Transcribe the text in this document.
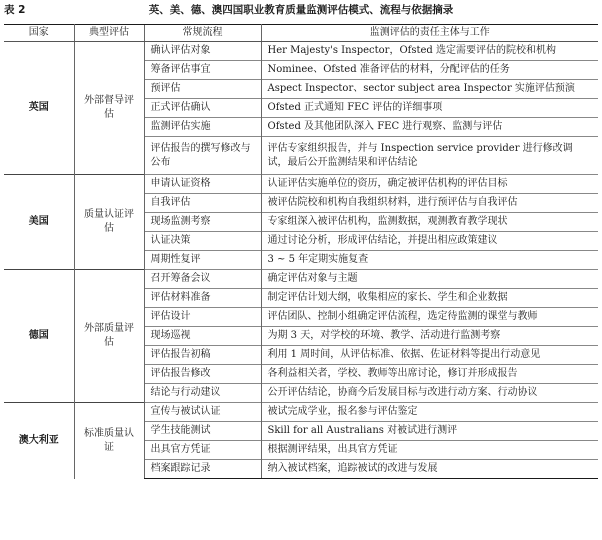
表 2	英、美、德、澳四国职业教育质量监测评估模式、流程与依据摘录
国家	典型评估	常规流程	监测评估的责任主体与工作
英国	外部督导评估	确认评估对象	Her Majesty's Inspector，Ofsted 选定需要评估的院校和机构
		筹备评估事宜	Nominee、Ofsted 准备评估的材料，分配评估的任务
		预评估	Aspect Inspector、sector subject area Inspector 实施评估预演
		正式评估确认	Ofsted 正式通知 FEC 评估的详细事项
		监测评估实施	Ofsted 及其他团队深入 FEC 进行观察、监测与评估
		评估报告的撰写修改与公布	评估专家组织报告，并与 Inspection service provider 进行修改调试，最后公开监测结果和评估结论
美国	质量认证评估	申请认证资格	认证评估实施单位的资历，确定被评估机构的评估目标
		自我评估	被评估院校和机构自我组织材料，进行预评估与自我评估
		现场监测考察	专家组深入被评估机构，监测数据，观测教育教学现状
		认证决策	通过讨论分析，形成评估结论，并提出相应政策建议
		周期性复评	3 ~ 5 年定期实施复查
德国	外部质量评估	召开筹备会议	确定评估对象与主题
		评估材料准备	制定评估计划大纲，收集相应的家长、学生和企业数据
		评估设计	评估团队、控制小组确定评估流程，选定待监测的课堂与教师
		现场巡视	为期 3 天，对学校的环境、教学、活动进行监测考察
		评估报告初稿	利用 1 周时间，从评估标准、依据、佐证材料等提出行动意见
		评估报告修改	各利益相关者，学校、教师等出席讨论，修订并形成报告
		结论与行动建议	公开评估结论，协商今后发展目标与改进行动方案、行动协议
澳大利亚	标准质量认证	宣传与被试认证	被试完成学业，报名参与评估鉴定
		学生技能测试	Skill for all Australians 对被试进行测评
		出具官方凭证	根据测评结果，出具官方凭证
		档案跟踪记录	纳入被试档案，追踪被试的改进与发展
